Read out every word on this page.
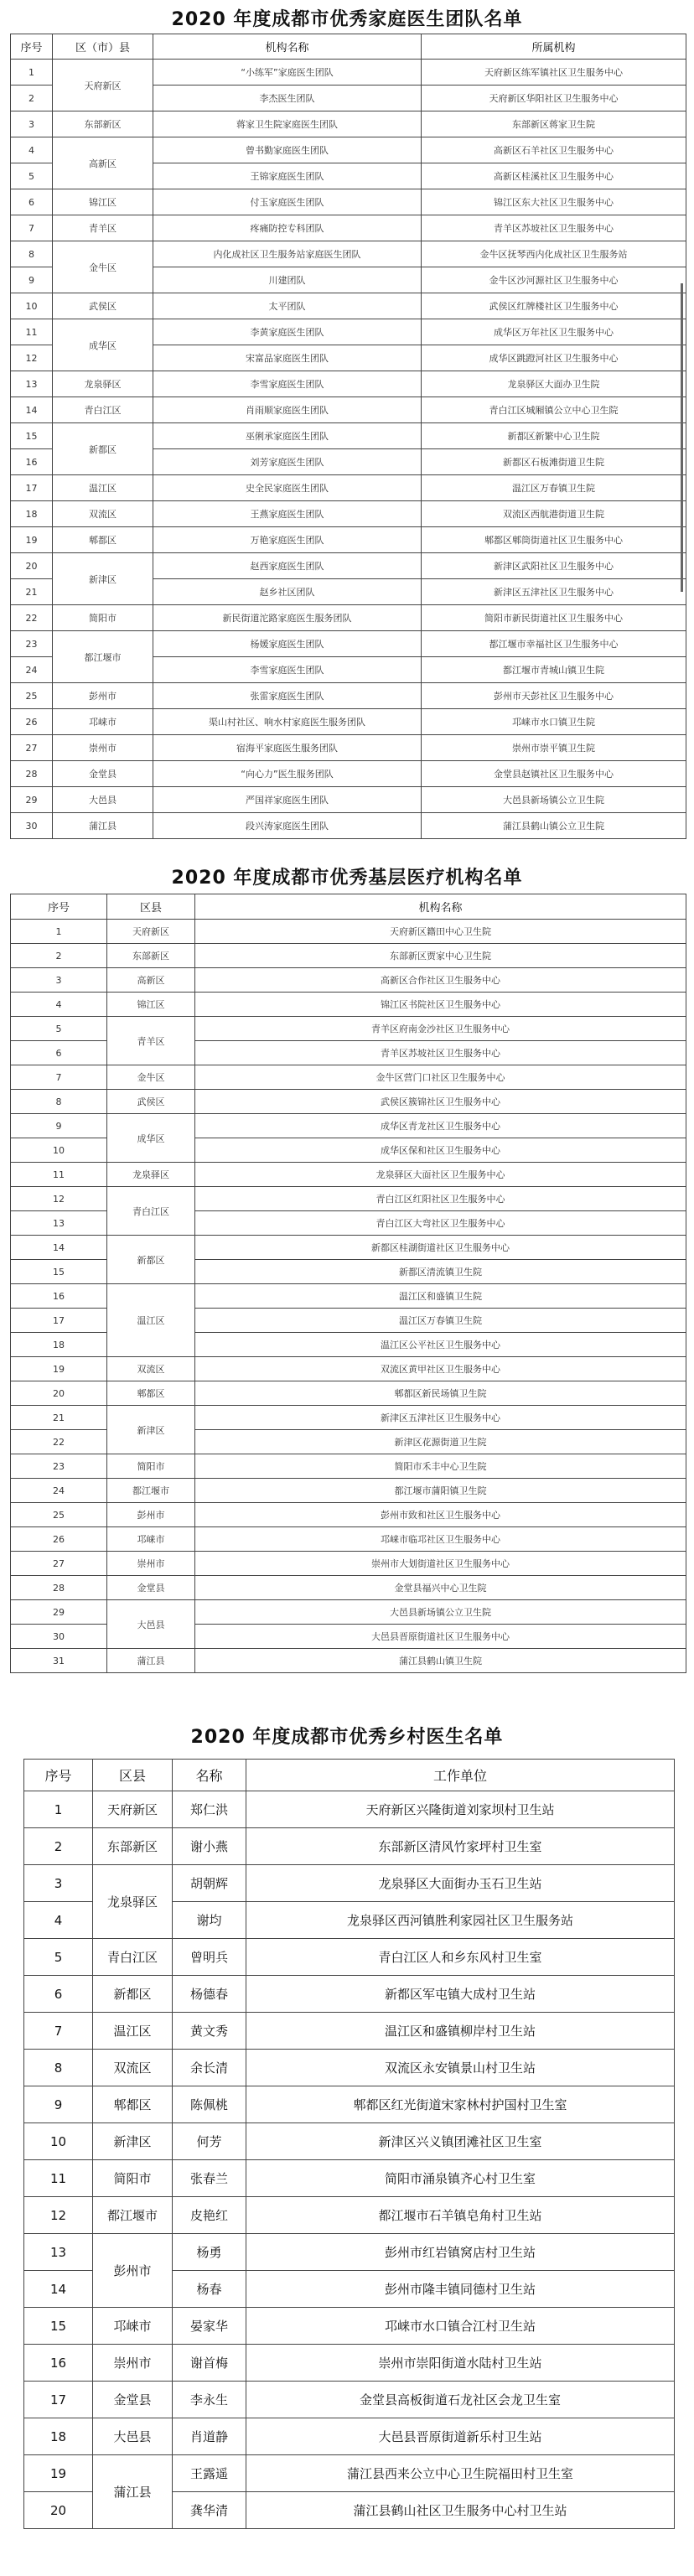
2020 年度成都市优秀家庭医生团队名单
序号	区（市）县	机构名称	所属机构
1	天府新区	“小练军”家庭医生团队	天府新区练军镇社区卫生服务中心
2		李杰医生团队	天府新区华阳社区卫生服务中心
3	东部新区	蒋家卫生院家庭医生团队	东部新区蒋家卫生院
4	高新区	曾书勤家庭医生团队	高新区石羊社区卫生服务中心
5		王锦家庭医生团队	高新区桂溪社区卫生服务中心
6	锦江区	付玉家庭医生团队	锦江区东大社区卫生服务中心
7	青羊区	疼痛防控专科团队	青羊区苏坡社区卫生服务中心
8	金牛区	内化成社区卫生服务站家庭医生团队	金牛区抚琴西内化成社区卫生服务站
9		川建团队	金牛区沙河源社区卫生服务中心
10	武侯区	太平团队	武侯区红牌楼社区卫生服务中心
11	成华区	李黄家庭医生团队	成华区万年社区卫生服务中心
12		宋富品家庭医生团队	成华区跳蹬河社区卫生服务中心
13	龙泉驿区	李雪家庭医生团队	龙泉驿区大面办卫生院
14	青白江区	肖雨顺家庭医生团队	青白江区城厢镇公立中心卫生院
15	新都区	巫俐承家庭医生团队	新都区新繁中心卫生院
16		刘芳家庭医生团队	新都区石板滩街道卫生院
17	温江区	史全民家庭医生团队	温江区万春镇卫生院
18	双流区	王燕家庭医生团队	双流区西航港街道卫生院
19	郫都区	万艳家庭医生团队	郫都区郫筒街道社区卫生服务中心
20	新津区	赵西家庭医生团队	新津区武阳社区卫生服务中心
21		赵乡社区团队	新津区五津社区卫生服务中心
22	简阳市	新民街道沱路家庭医生服务团队	简阳市新民街道社区卫生服务中心
23	都江堰市	杨媛家庭医生团队	都江堰市幸福社区卫生服务中心
24		李雪家庭医生团队	都江堰市青城山镇卫生院
25	彭州市	张雷家庭医生团队	彭州市天彭社区卫生服务中心
26	邛崃市	渠山村社区、响水村家庭医生服务团队	邛崃市水口镇卫生院
27	崇州市	宿海平家庭医生服务团队	崇州市崇平镇卫生院
28	金堂县	“向心力”医生服务团队	金堂县赵镇社区卫生服务中心
29	大邑县	严国祥家庭医生团队	大邑县新场镇公立卫生院
30	蒲江县	段兴涛家庭医生团队	蒲江县鹤山镇公立卫生院
2020 年度成都市优秀基层医疗机构名单
序号	区县	机构名称
1	天府新区	天府新区籍田中心卫生院
2	东部新区	东部新区贾家中心卫生院
3	高新区	高新区合作社区卫生服务中心
4	锦江区	锦江区书院社区卫生服务中心
5	青羊区	青羊区府南金沙社区卫生服务中心
6		青羊区苏坡社区卫生服务中心
7	金牛区	金牛区营门口社区卫生服务中心
8	武侯区	武侯区簇锦社区卫生服务中心
9	成华区	成华区青龙社区卫生服务中心
10		成华区保和社区卫生服务中心
11	龙泉驿区	龙泉驿区大面社区卫生服务中心
12	青白江区	青白江区红阳社区卫生服务中心
13		青白江区大弯社区卫生服务中心
14	新都区	新都区桂湖街道社区卫生服务中心
15		新都区清流镇卫生院
16	温江区	温江区和盛镇卫生院
17		温江区万春镇卫生院
18		温江区公平社区卫生服务中心
19	双流区	双流区黄甲社区卫生服务中心
20	郫都区	郫都区新民场镇卫生院
21	新津区	新津区五津社区卫生服务中心
22		新津区花源街道卫生院
23	简阳市	简阳市禾丰中心卫生院
24	都江堰市	都江堰市蒲阳镇卫生院
25	彭州市	彭州市致和社区卫生服务中心
26	邛崃市	邛崃市临邛社区卫生服务中心
27	崇州市	崇州市大划街道社区卫生服务中心
28	金堂县	金堂县福兴中心卫生院
29	大邑县	大邑县新场镇公立卫生院
30		大邑县晋原街道社区卫生服务中心
31	蒲江县	蒲江县鹤山镇卫生院
2020 年度成都市优秀乡村医生名单
序号	区县	名称	工作单位
1	天府新区	郑仁洪	天府新区兴隆街道刘家坝村卫生站
2	东部新区	谢小燕	东部新区清风竹家坪村卫生室
3	龙泉驿区	胡朝辉	龙泉驿区大面街办玉石卫生站
4		谢均	龙泉驿区西河镇胜利家园社区卫生服务站
5	青白江区	曾明兵	青白江区人和乡东风村卫生室
6	新都区	杨德春	新都区军屯镇大成村卫生站
7	温江区	黄文秀	温江区和盛镇柳岸村卫生站
8	双流区	余长清	双流区永安镇景山村卫生站
9	郫都区	陈佩桃	郫都区红光街道宋家林村护国村卫生室
10	新津区	何芳	新津区兴义镇团滩社区卫生室
11	简阳市	张春兰	简阳市涌泉镇齐心村卫生室
12	都江堰市	皮艳红	都江堰市石羊镇皂角村卫生站
13	彭州市	杨勇	彭州市红岩镇窝店村卫生站
14		杨春	彭州市隆丰镇同德村卫生站
15	邛崃市	晏家华	邛崃市水口镇合江村卫生站
16	崇州市	谢首梅	崇州市崇阳街道水陆村卫生站
17	金堂县	李永生	金堂县高板街道石龙社区会龙卫生室
18	大邑县	肖道静	大邑县晋原街道新乐村卫生站
19	蒲江县	王露遥	蒲江县西来公立中心卫生院福田村卫生室
20		龚华清	蒲江县鹤山社区卫生服务中心村卫生站
